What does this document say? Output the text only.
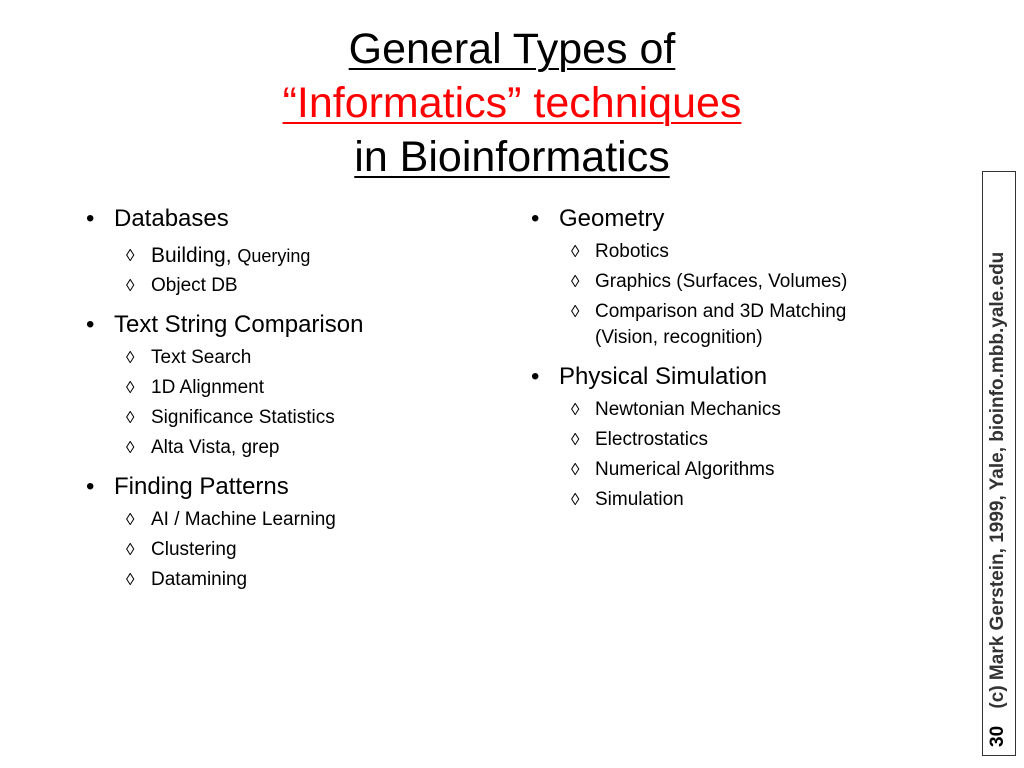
General Types of
“Informatics” techniques
in Bioinformatics
• Databases
◊ Building, Querying
◊ Object DB
• Text String Comparison
◊ Text Search
◊ 1D Alignment
◊ Significance Statistics
◊ Alta Vista, grep
• Finding Patterns
◊ AI / Machine Learning
◊ Clustering
◊ Datamining
• Geometry
◊ Robotics
◊ Graphics (Surfaces, Volumes)
◊ Comparison and 3D Matching (Vision, recognition)
• Physical Simulation
◊ Newtonian Mechanics
◊ Electrostatics
◊ Numerical Algorithms
◊ Simulation
30 (c) Mark Gerstein, 1999, Yale, bioinfo.mbb.yale.edu
